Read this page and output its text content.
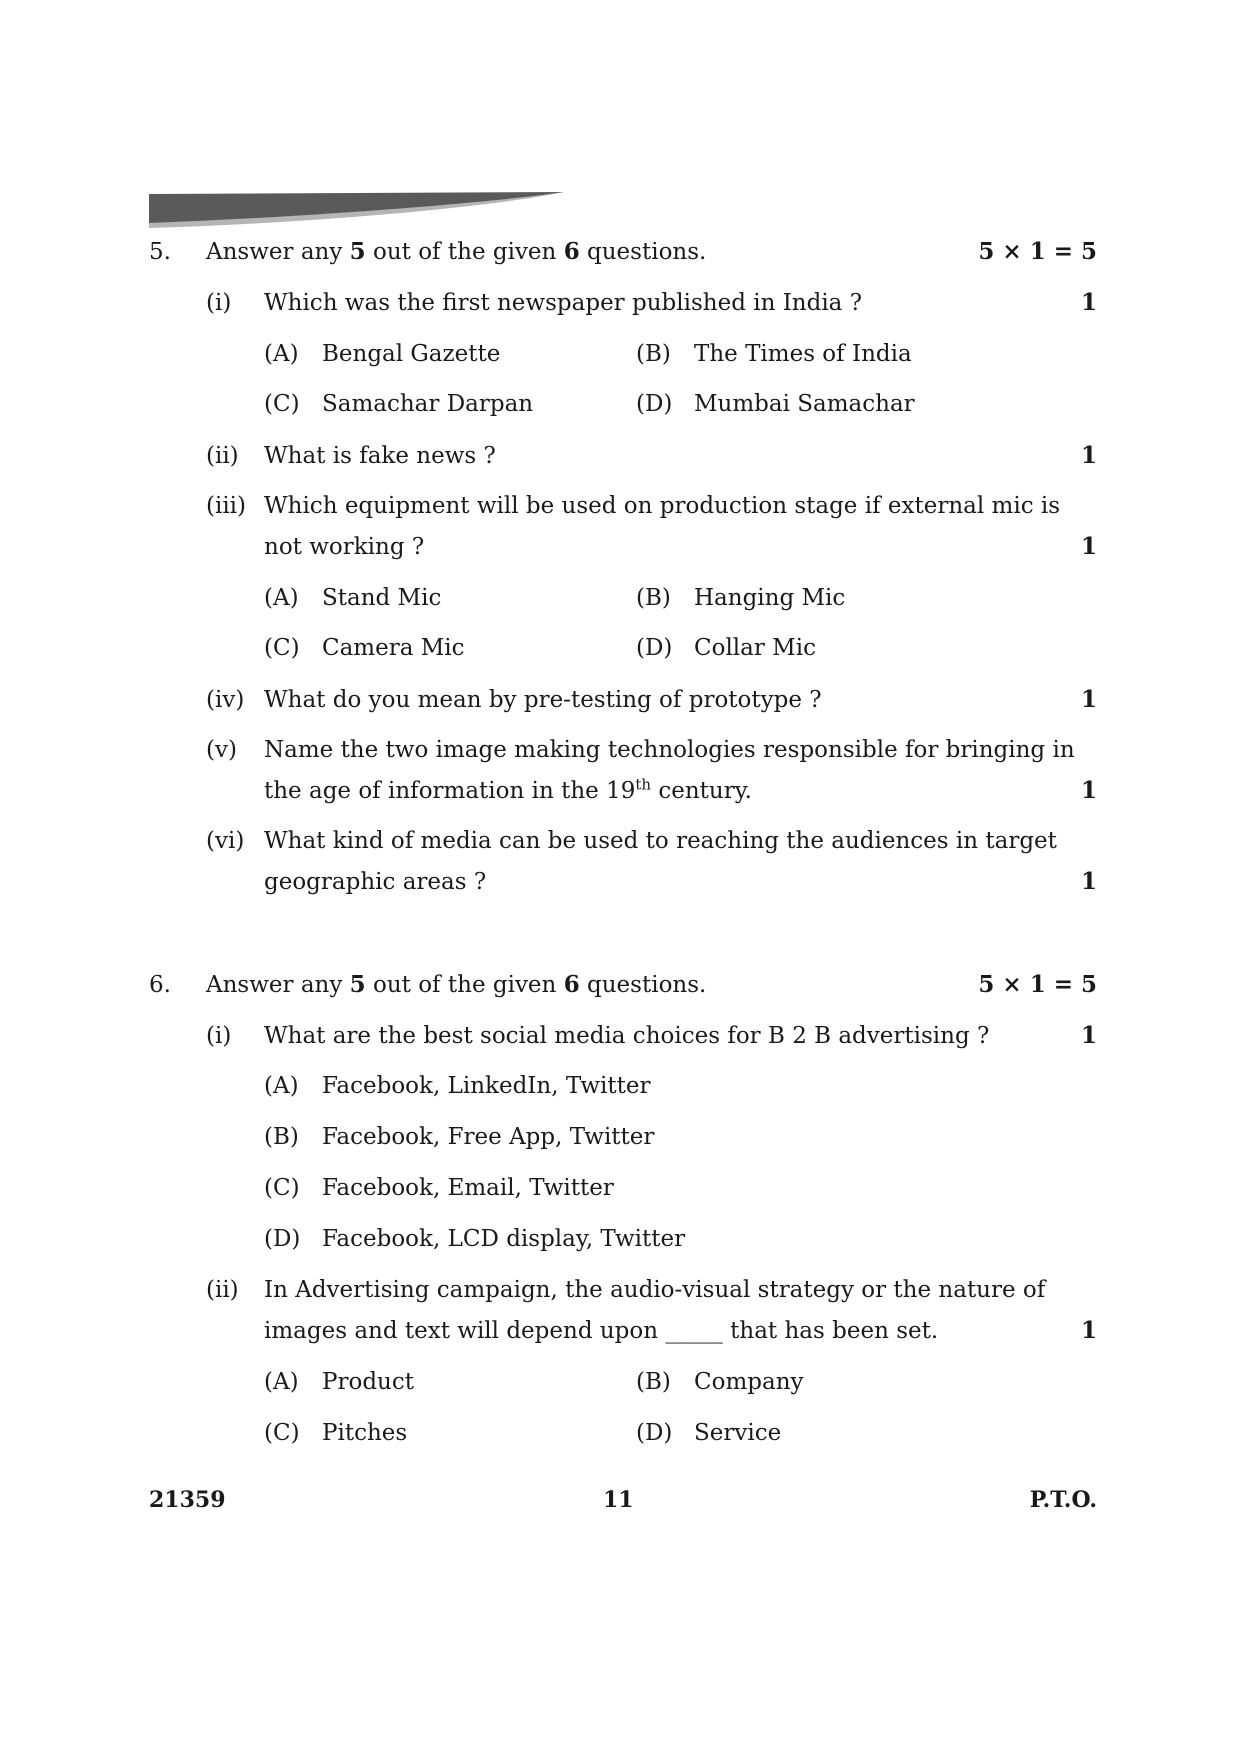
5. Answer any 5 out of the given 6 questions.	5 × 1 = 5
(i) Which was the first newspaper published in India ?	1
(A) Bengal Gazette	(B) The Times of India
(C) Samachar Darpan	(D) Mumbai Samachar
(ii) What is fake news ?	1
(iii) Which equipment will be used on production stage if external mic is
not working ?	1
(A) Stand Mic	(B) Hanging Mic
(C) Camera Mic	(D) Collar Mic
(iv) What do you mean by pre-testing of prototype ?	1
(v) Name the two image making technologies responsible for bringing in
the age of information in the 19th century.	1
(vi) What kind of media can be used to reaching the audiences in target
geographic areas ?	1
6. Answer any 5 out of the given 6 questions.	5 × 1 = 5
(i) What are the best social media choices for B 2 B advertising ?	1
(A) Facebook, LinkedIn, Twitter
(B) Facebook, Free App, Twitter
(C) Facebook, Email, Twitter
(D) Facebook, LCD display, Twitter
(ii) In Advertising campaign, the audio-visual strategy or the nature of
images and text will depend upon _____ that has been set.	1
(A) Product	(B) Company
(C) Pitches	(D) Service
21359	11	P.T.O.
